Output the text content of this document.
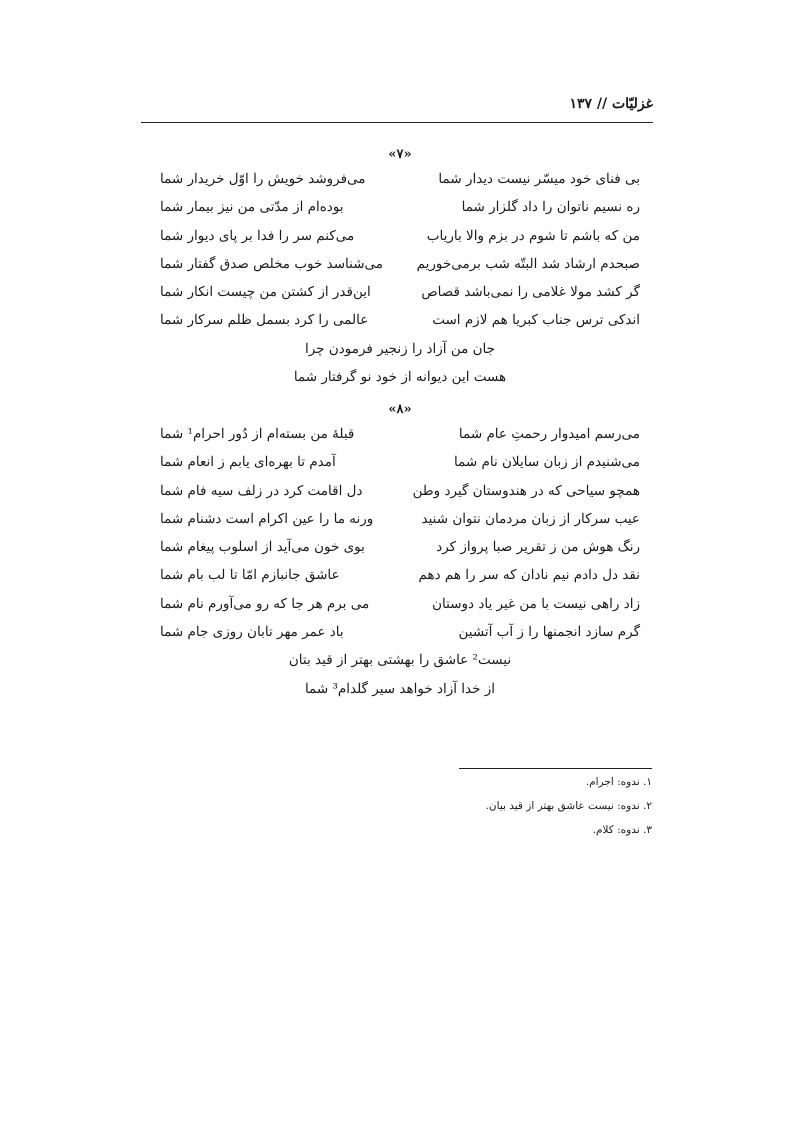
غزلیّات // ۱۳۷
«۷»
بی فنای خود میسّر نیست دیدار شما
می‌فروشد خویش را اوّل خریدار شما
ره نسیم ناتوان را داد گلزار شما
بوده‌ام از مدّتی من نیز بیمار شما
من که باشم تا شوم در بزم والا باریاب
می‌کنم سر را فدا بر پای دیوار شما
صبحدم ارشاد شد البتّه شب برمی‌خوریم
می‌شناسد خوب مخلص صدق گفتار شما
گر کشد مولا غلامی را نمی‌باشد قصاص
این‌قدر از کشتن من چیست انکار شما
اندکی ترس جناب کبریا هم لازم است
عالمی را کرد بسمل ظلم سرکار شما
جان من آزاد را زنجیر فرمودن چرا
هست این دیوانه از خود نو گرفتار شما
«۸»
می‌رسم امیدوار رحمتِ عام شما
قبلهٔ من بسته‌ام از دُور احرام¹ شما
می‌شنیدم از زبان سایلان نام شما
آمدم تا بهره‌ای یابم ز انعام شما
همچو سیاحی که در هندوستان گیرد وطن
دل اقامت کرد در زلف سیه فام شما
عیب سرکار از زبان مردمان نتوان شنید
ورنه ما را عین اکرام است دشنام شما
رنگ هوش من ز تقریر صبا پرواز کرد
بوی خون می‌آید از اسلوب پیغام شما
نقد دل دادم نیم نادان که سر را هم دهم
عاشق جانبازم امّا تا لب بام شما
زاد راهی نیست با من غیر یاد دوستان
می برم هر جا که رو می‌آورم نام شما
گرم سازد انجمنها را ز آب آتشین
باد عمر مهر تابان روزی جام شما
نیست² عاشق را بهشتی بهتر از قید بتان
از خدا آزاد خواهد سیر گلدام³ شما
۱. ندوه: اجرام.
۲. ندوه: نیست عاشق بهتر از قید بیان.
۳. ندوه: کلام.
